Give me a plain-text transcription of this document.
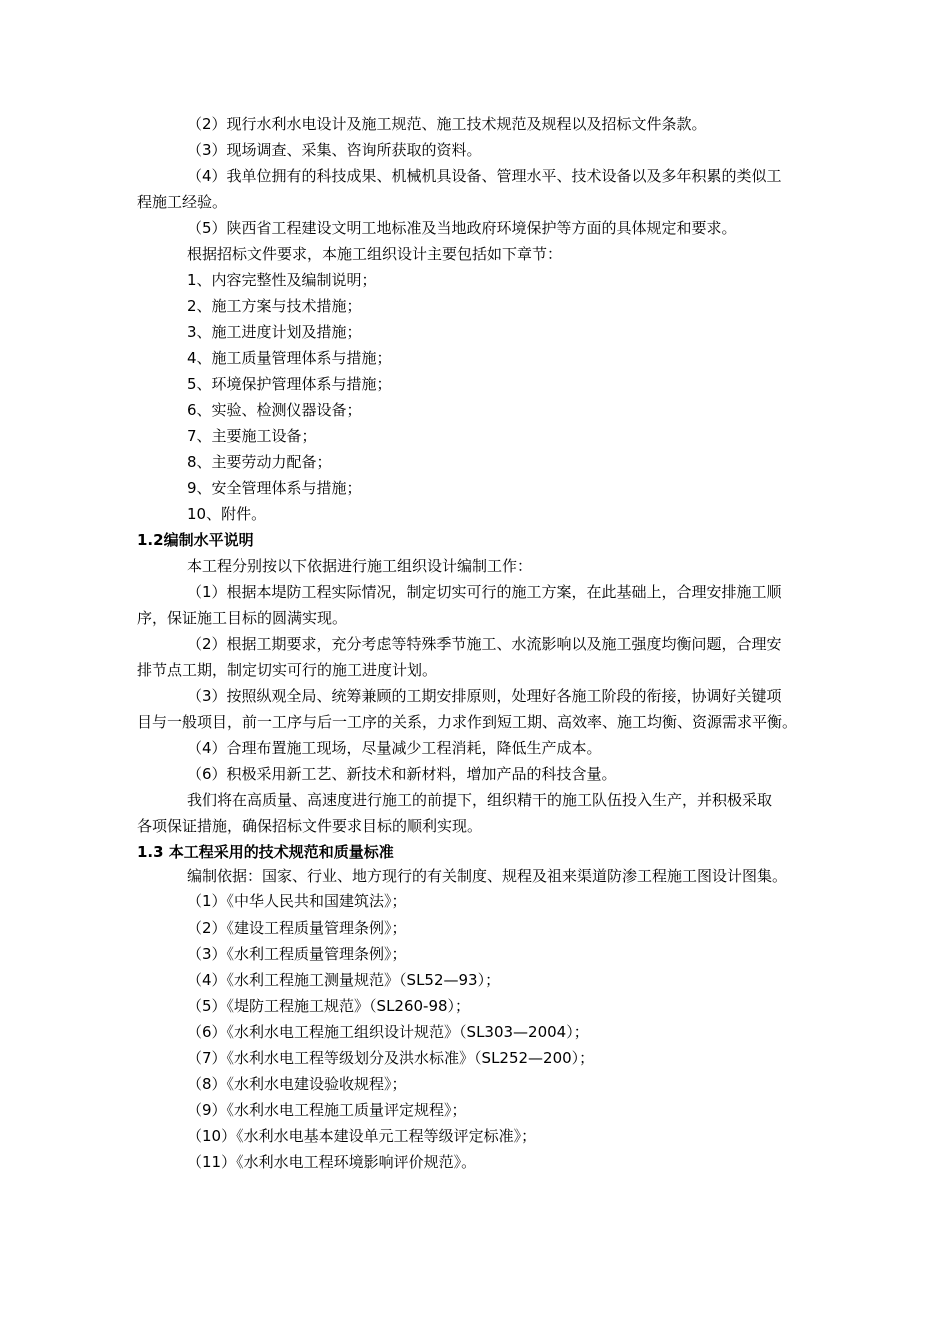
（2）现行水利水电设计及施工规范、施工技术规范及规程以及招标文件条款。
（3）现场调查、采集、咨询所获取的资料。
（4）我单位拥有的科技成果、机械机具设备、管理水平、技术设备以及多年积累的类似工
程施工经验。
（5）陕西省工程建设文明工地标准及当地政府环境保护等方面的具体规定和要求。
根据招标文件要求，本施工组织设计主要包括如下章节：
1、内容完整性及编制说明；
2、施工方案与技术措施；
3、施工进度计划及措施；
4、施工质量管理体系与措施；
5、环境保护管理体系与措施；
6、实验、检测仪器设备；
7、主要施工设备；
8、主要劳动力配备；
9、安全管理体系与措施；
10、附件。
1.2编制水平说明
本工程分别按以下依据进行施工组织设计编制工作：
（1）根据本堤防工程实际情况，制定切实可行的施工方案，在此基础上，合理安排施工顺
序，保证施工目标的圆满实现。
（2）根据工期要求，充分考虑等特殊季节施工、水流影响以及施工强度均衡问题，合理安
排节点工期，制定切实可行的施工进度计划。
（3）按照纵观全局、统筹兼顾的工期安排原则，处理好各施工阶段的衔接，协调好关键项
目与一般项目，前一工序与后一工序的关系，力求作到短工期、高效率、施工均衡、资源需求平衡。
（4）合理布置施工现场，尽量减少工程消耗，降低生产成本。
（6）积极采用新工艺、新技术和新材料，增加产品的科技含量。
我们将在高质量、高速度进行施工的前提下，组织精干的施工队伍投入生产，并积极采取
各项保证措施，确保招标文件要求目标的顺利实现。
1.3 本工程采用的技术规范和质量标准
编制依据：国家、行业、地方现行的有关制度、规程及祖来渠道防渗工程施工图设计图集。
（1）《中华人民共和国建筑法》；
（2）《建设工程质量管理条例》；
（3）《水利工程质量管理条例》；
（4）《水利工程施工测量规范》（SL52—93）；
（5）《堤防工程施工规范》（SL260-98）；
（6）《水利水电工程施工组织设计规范》（SL303—2004）；
（7）《水利水电工程等级划分及洪水标准》（SL252—200）；
（8）《水利水电建设验收规程》；
（9）《水利水电工程施工质量评定规程》；
（10）《水利水电基本建设单元工程等级评定标准》；
（11）《水利水电工程环境影响评价规范》。
